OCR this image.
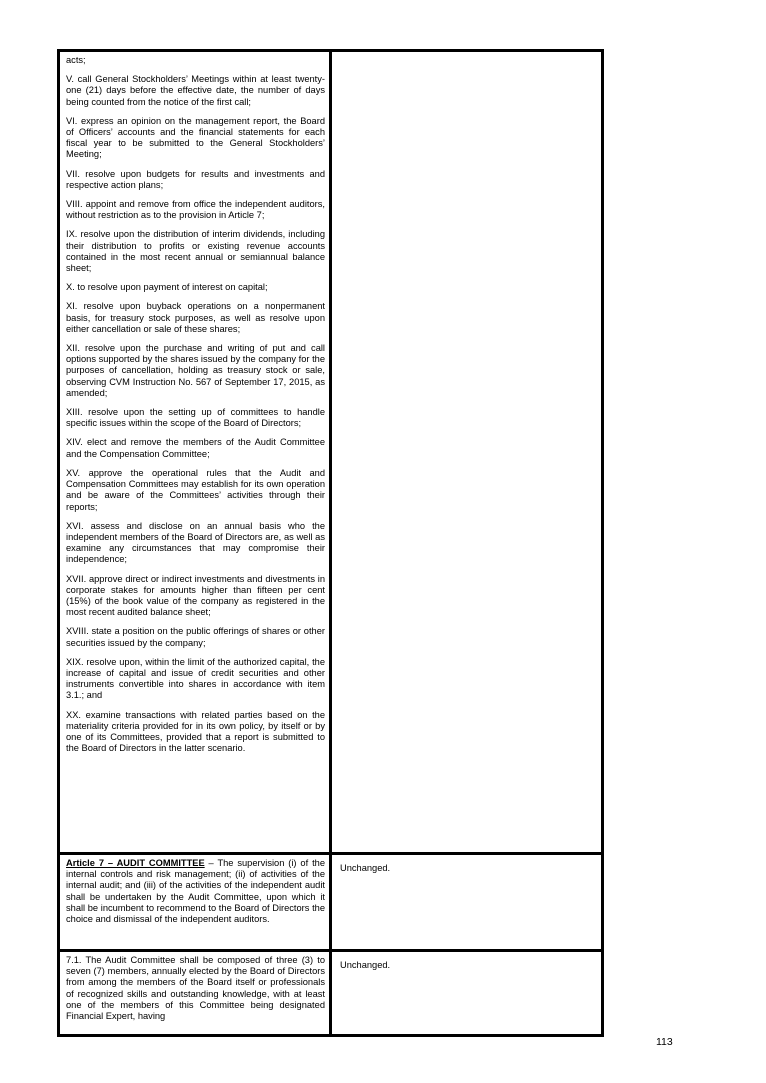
acts;

V. call General Stockholders’ Meetings within at least twenty-one (21) days before the effective date, the number of days being counted from the notice of the first call;

VI. express an opinion on the management report, the Board of Officers’ accounts and the financial statements for each fiscal year to be submitted to the General Stockholders’ Meeting;

VII. resolve upon budgets for results and investments and respective action plans;

VIII. appoint and remove from office the independent auditors, without restriction as to the provision in Article 7;

IX. resolve upon the distribution of interim dividends, including their distribution to profits or existing revenue accounts contained in the most recent annual or semiannual balance sheet;

X. to resolve upon payment of interest on capital;

XI. resolve upon buyback operations on a nonpermanent basis, for treasury stock purposes, as well as resolve upon either cancellation or sale of these shares;

XII. resolve upon the purchase and writing of put and call options supported by the shares issued by the company for the purposes of cancellation, holding as treasury stock or sale, observing CVM Instruction No. 567 of September 17, 2015, as amended;

XIII. resolve upon the setting up of committees to handle specific issues within the scope of the Board of Directors;

XIV. elect and remove the members of the Audit Committee and the Compensation Committee;

XV. approve the operational rules that the Audit and Compensation Committees may establish for its own operation and be aware of the Committees’ activities through their reports;

XVI. assess and disclose on an annual basis who the independent members of the Board of Directors are, as well as examine any circumstances that may compromise their independence;

XVII. approve direct or indirect investments and divestments in corporate stakes for amounts higher than fifteen per cent (15%) of the book value of the company as registered in the most recent audited balance sheet;

XVIII. state a position on the public offerings of shares or other securities issued by the company;

XIX. resolve upon, within the limit of the authorized capital, the increase of capital and issue of credit securities and other instruments convertible into shares in accordance with item 3.1.; and

XX. examine transactions with related parties based on the materiality criteria provided for in its own policy, by itself or by one of its Committees, provided that a report is submitted to the Board of Directors in the latter scenario.

Article 7 – AUDIT COMMITTEE – The supervision (i) of the internal controls and risk management; (ii) of activities of the internal audit; and (iii) of the activities of the independent audit shall be undertaken by the Audit Committee, upon which it shall be incumbent to recommend to the Board of Directors the choice and dismissal of the independent auditors.

Unchanged.

7.1. The Audit Committee shall be composed of three (3) to seven (7) members, annually elected by the Board of Directors from among the members of the Board itself or professionals of recognized skills and outstanding knowledge, with at least one of the members of this Committee being designated Financial Expert, having

Unchanged.

113
